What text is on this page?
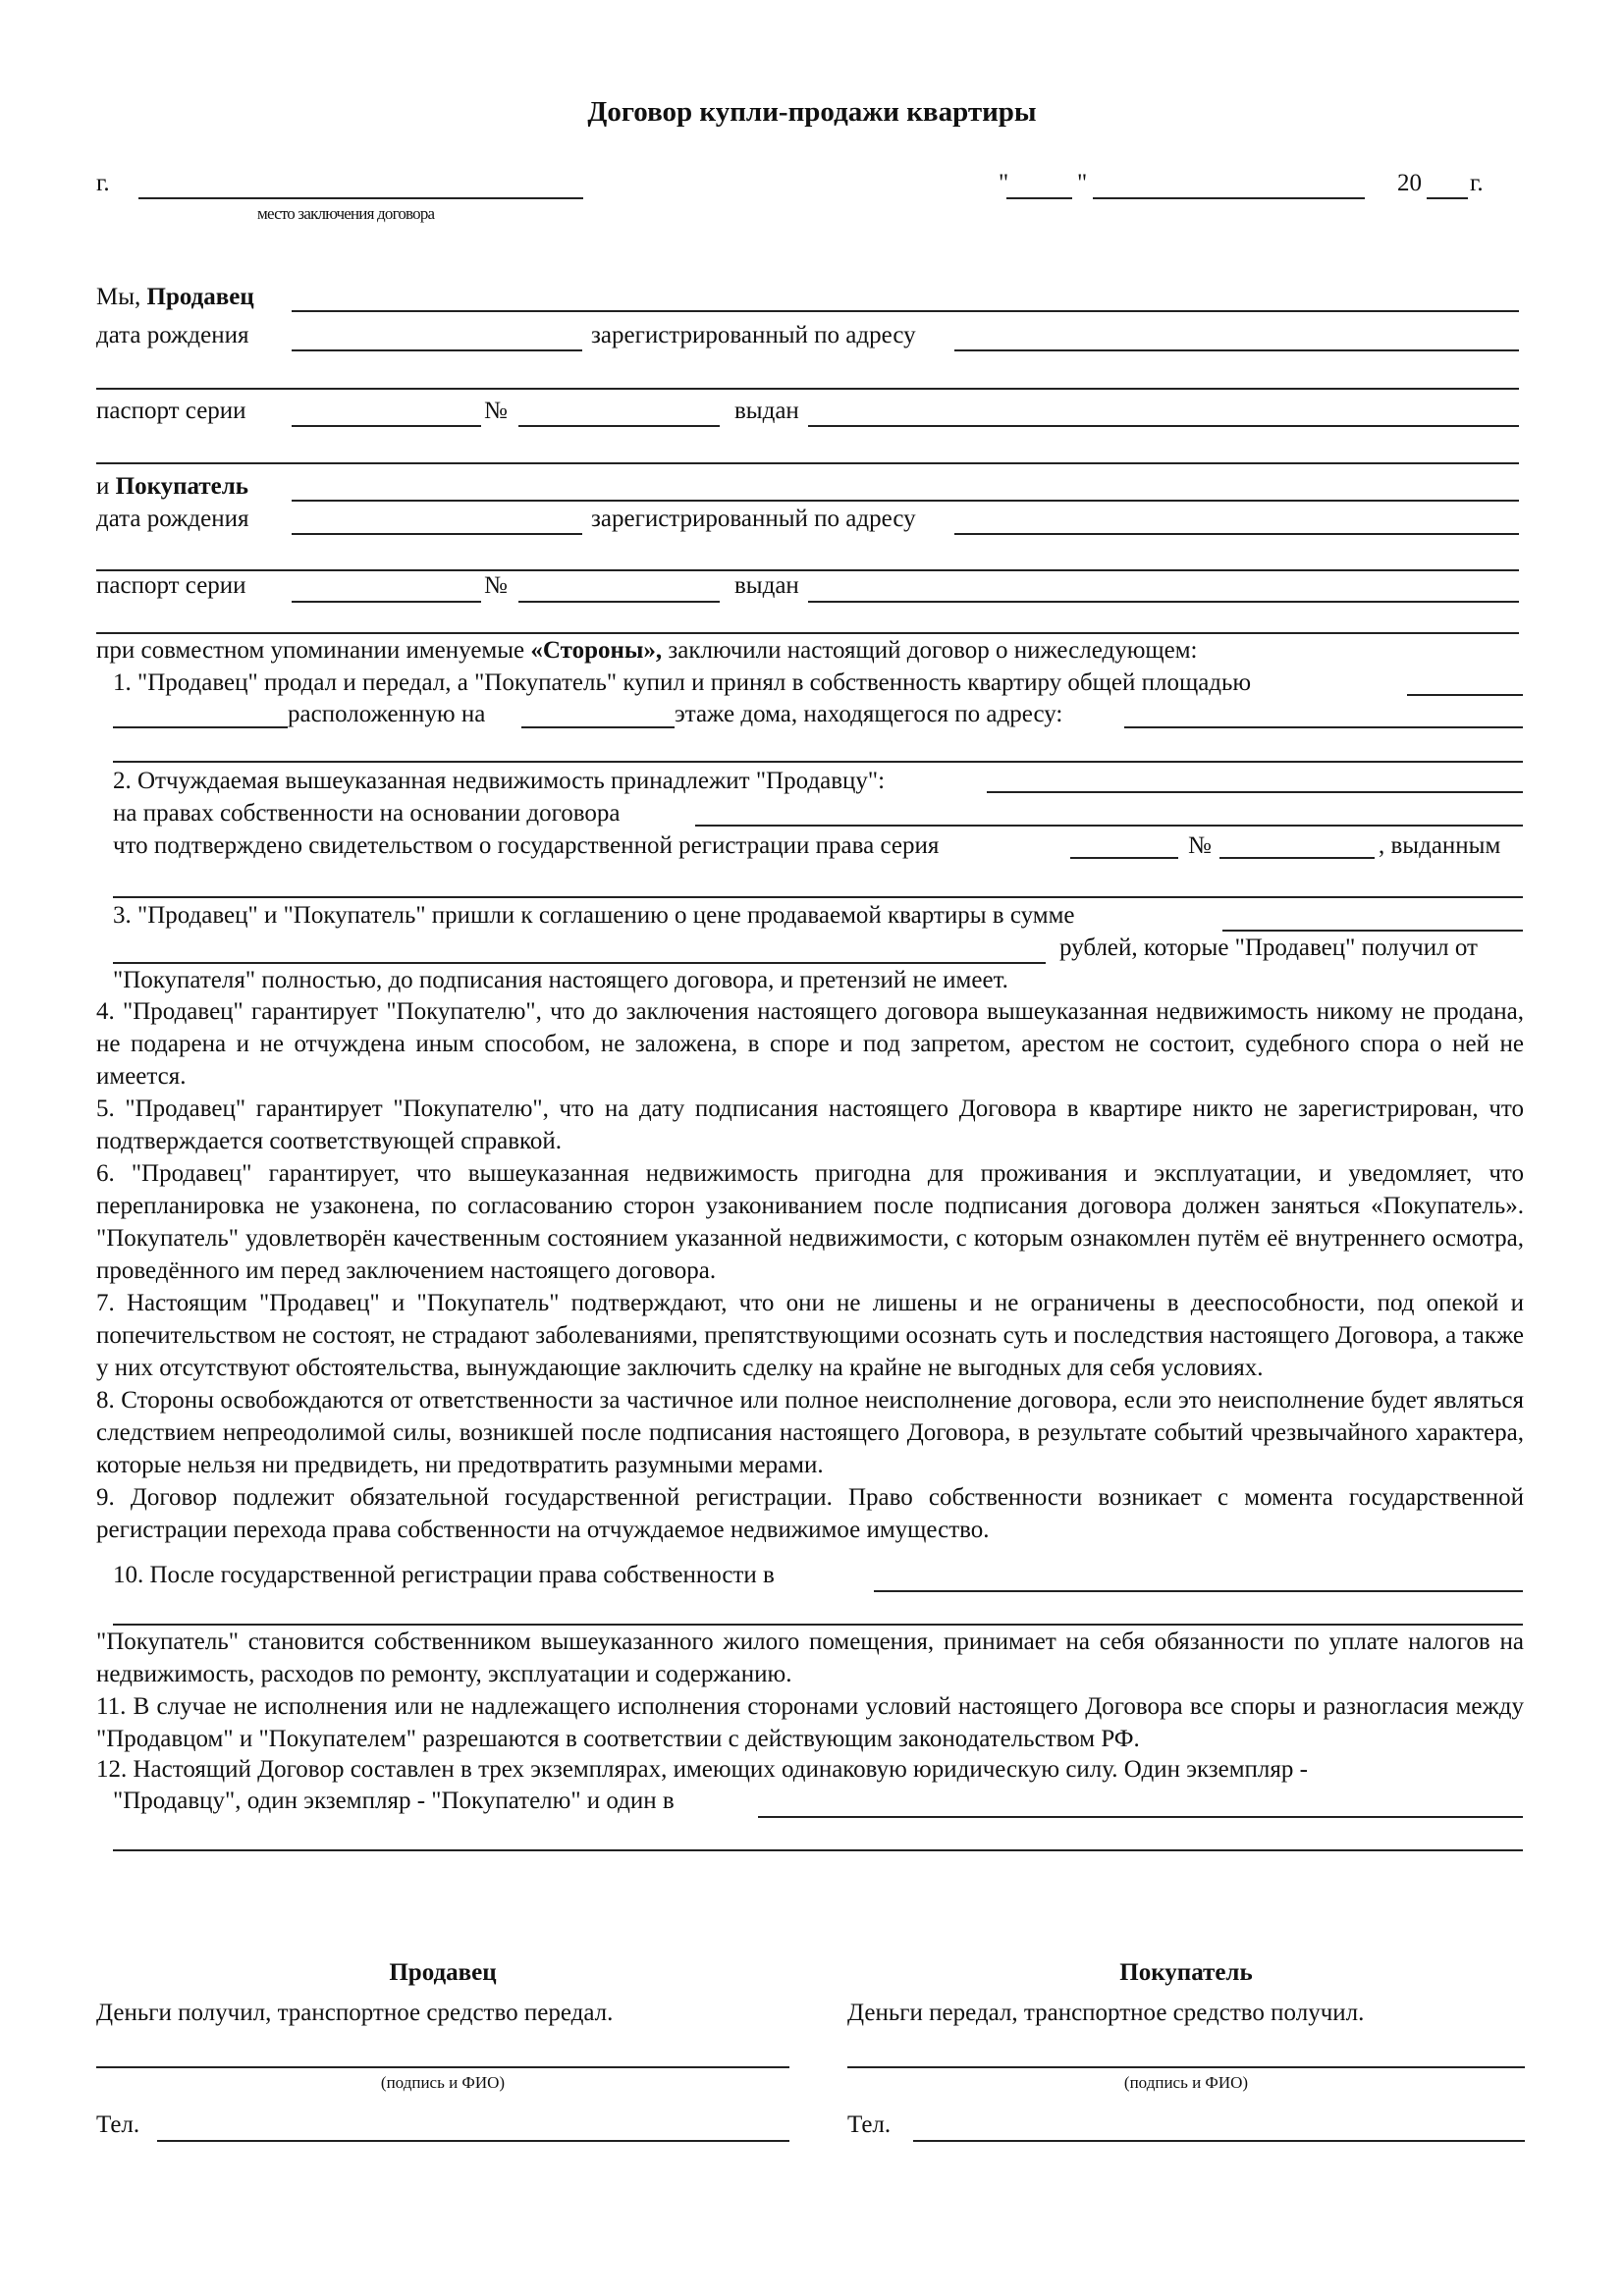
Договор купли-продажи квартиры
г.
место заключения договора
"	"	20 г.
Мы, Продавец
дата рождения	зарегистрированный по адресу
паспорт серии	№	выдан
и Покупатель
дата рождения	зарегистрированный по адресу
паспорт серии	№	выдан
при совместном упоминании именуемые «Стороны», заключили настоящий договор о нижеследующем:
1. "Продавец" продал и передал, а "Покупатель" купил и принял в собственность квартиру общей площадью
расположенную на	этаже дома, находящегося по адресу:
2. Отчуждаемая вышеуказанная недвижимость принадлежит "Продавцу":
на правах собственности на основании договора
что подтверждено свидетельством о государственной регистрации права серия	№	, выданным
3. "Продавец" и "Покупатель" пришли к соглашению о цене продаваемой квартиры в сумме
рублей, которые "Продавец" получил от
"Покупателя" полностью, до подписания настоящего договора, и претензий не имеет.
4. "Продавец" гарантирует "Покупателю", что до заключения настоящего договора вышеуказанная недвижимость никому не продана, не подарена и не отчуждена иным способом, не заложена, в споре и под запретом, арестом не состоит, судебного спора о ней не имеется.
5. "Продавец" гарантирует "Покупателю", что на дату подписания настоящего Договора в квартире никто не зарегистрирован, что подтверждается соответствующей справкой.
6. "Продавец" гарантирует, что вышеуказанная недвижимость пригодна для проживания и эксплуатации, и уведомляет, что перепланировка не узаконена, по согласованию сторон узакониванием после подписания договора должен заняться «Покупатель». "Покупатель" удовлетворён качественным состоянием указанной недвижимости, с которым ознакомлен путём её внутреннего осмотра, проведённого им перед заключением настоящего договора.
7. Настоящим "Продавец" и "Покупатель" подтверждают, что они не лишены и не ограничены в дееспособности, под опекой и попечительством не состоят, не страдают заболеваниями, препятствующими осознать суть и последствия настоящего Договора, а также у них отсутствуют обстоятельства, вынуждающие заключить сделку на крайне не выгодных для себя условиях.
8. Стороны освобождаются от ответственности за частичное или полное неисполнение договора, если это неисполнение будет являться следствием непреодолимой силы, возникшей после подписания настоящего Договора, в результате событий чрезвычайного характера, которые нельзя ни предвидеть, ни предотвратить разумными мерами.
9. Договор подлежит обязательной государственной регистрации. Право собственности возникает с момента государственной регистрации перехода права собственности на отчуждаемое недвижимое имущество.
10. После государственной регистрации права собственности в
"Покупатель" становится собственником вышеуказанного жилого помещения, принимает на себя обязанности по уплате налогов на недвижимость, расходов по ремонту, эксплуатации и содержанию.
11. В случае не исполнения или не надлежащего исполнения сторонами условий настоящего Договора все споры и разногласия между "Продавцом" и "Покупателем" разрешаются в соответствии с действующим законодательством РФ.
12. Настоящий Договор составлен в трех экземплярах, имеющих одинаковую юридическую силу. Один экземпляр -
"Продавцу", один экземпляр - "Покупателю" и один в
Продавец
Деньги получил, транспортное средство передал.
(подпись и ФИО)
Тел.
Покупатель
Деньги передал, транспортное средство получил.
(подпись и ФИО)
Тел.
